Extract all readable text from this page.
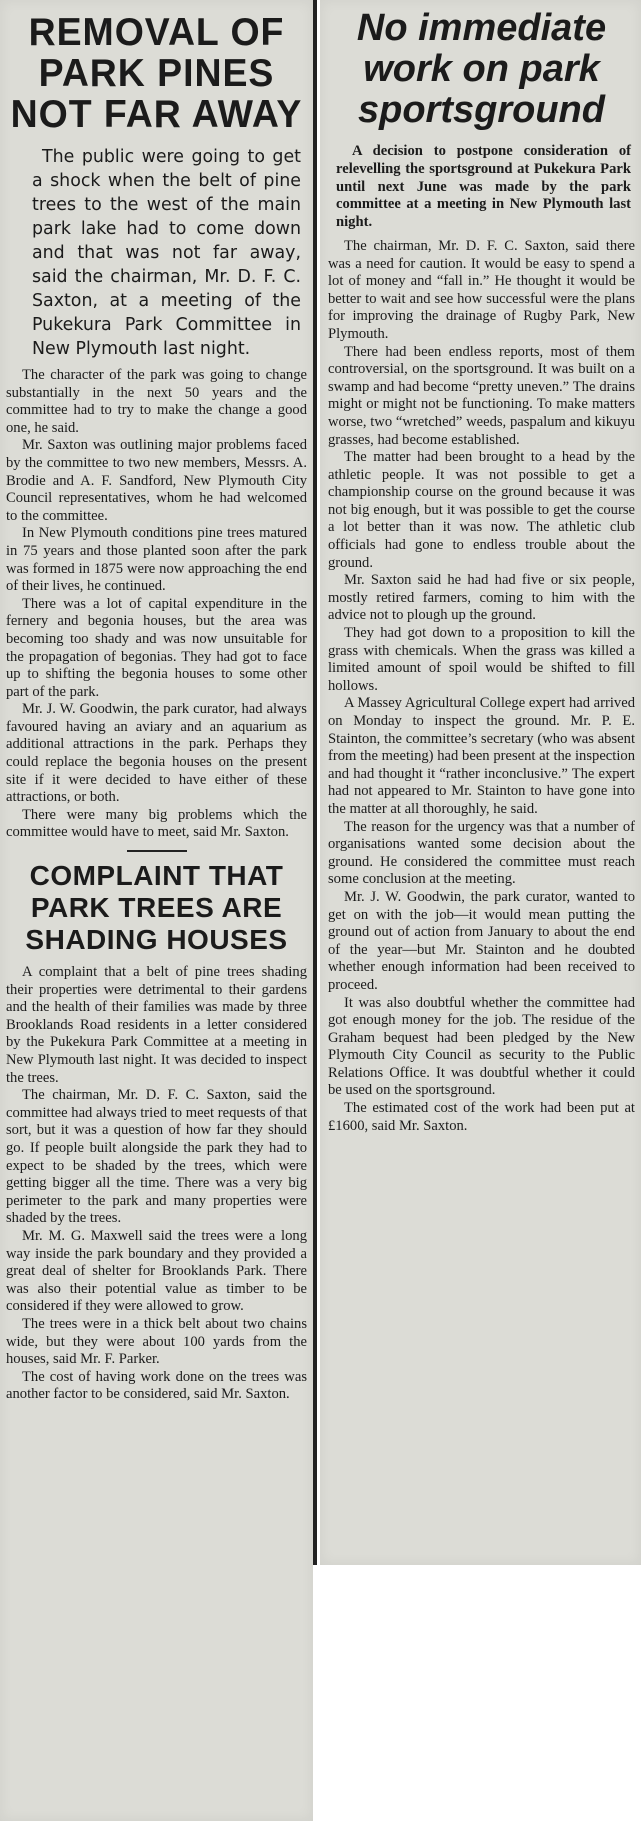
REMOVAL OF
PARK PINES
NOT FAR AWAY

The public were going to get a shock when the belt of pine trees to the west of the main park lake had to come down and that was not far away, said the chairman, Mr. D. F. C. Saxton, at a meeting of the Pukekura Park Committee in New Plymouth last night.

The character of the park was going to change substantially in the next 50 years and the committee had to try to make the change a good one, he said.

Mr. Saxton was outlining major problems faced by the committee to two new members, Messrs. A. Brodie and A. F. Sandford, New Plymouth City Council representatives, whom he had welcomed to the committee.

In New Plymouth conditions pine trees matured in 75 years and those planted soon after the park was formed in 1875 were now approaching the end of their lives, he continued.

There was a lot of capital expenditure in the fernery and begonia houses, but the area was becoming too shady and was now unsuitable for the propagation of begonias. They had got to face up to shifting the begonia houses to some other part of the park.

Mr. J. W. Goodwin, the park curator, had always favoured having an aviary and an aquarium as additional attractions in the park. Perhaps they could replace the begonia houses on the present site if it were decided to have either of these attractions, or both.

There were many big problems which the committee would have to meet, said Mr. Saxton.

COMPLAINT THAT
PARK TREES ARE
SHADING HOUSES

A complaint that a belt of pine trees shading their properties were detrimental to their gardens and the health of their families was made by three Brooklands Road residents in a letter considered by the Pukekura Park Committee at a meeting in New Plymouth last night. It was decided to inspect the trees.

The chairman, Mr. D. F. C. Saxton, said the committee had always tried to meet requests of that sort, but it was a question of how far they should go. If people built alongside the park they had to expect to be shaded by the trees, which were getting bigger all the time. There was a very big perimeter to the park and many properties were shaded by the trees.

Mr. M. G. Maxwell said the trees were a long way inside the park boundary and they provided a great deal of shelter for Brooklands Park. There was also their potential value as timber to be considered if they were allowed to grow.

The trees were in a thick belt about two chains wide, but they were about 100 yards from the houses, said Mr. F. Parker.

The cost of having work done on the trees was another factor to be considered, said Mr. Saxton.

No immediate
work on park
sportsground

A decision to postpone consideration of relevelling the sportsground at Pukekura Park until next June was made by the park committee at a meeting in New Plymouth last night.

The chairman, Mr. D. F. C. Saxton, said there was a need for caution. It would be easy to spend a lot of money and “fall in.” He thought it would be better to wait and see how successful were the plans for improving the drainage of Rugby Park, New Plymouth.

There had been endless reports, most of them controversial, on the sportsground. It was built on a swamp and had become “pretty uneven.” The drains might or might not be functioning. To make matters worse, two “wretched” weeds, paspalum and kikuyu grasses, had become established.

The matter had been brought to a head by the athletic people. It was not possible to get a championship course on the ground because it was not big enough, but it was possible to get the course a lot better than it was now. The athletic club officials had gone to endless trouble about the ground.

Mr. Saxton said he had had five or six people, mostly retired farmers, coming to him with the advice not to plough up the ground.

They had got down to a proposition to kill the grass with chemicals. When the grass was killed a limited amount of spoil would be shifted to fill hollows.

A Massey Agricultural College expert had arrived on Monday to inspect the ground. Mr. P. E. Stainton, the committee’s secretary (who was absent from the meeting) had been present at the inspection and had thought it “rather inconclusive.” The expert had not appeared to Mr. Stainton to have gone into the matter at all thoroughly, he said.

The reason for the urgency was that a number of organisations wanted some decision about the ground. He considered the committee must reach some conclusion at the meeting.

Mr. J. W. Goodwin, the park curator, wanted to get on with the job—it would mean putting the ground out of action from January to about the end of the year—but Mr. Stainton and he doubted whether enough information had been received to proceed.

It was also doubtful whether the committee had got enough money for the job. The residue of the Graham bequest had been pledged by the New Plymouth City Council as security to the Public Relations Office. It was doubtful whether it could be used on the sportsground.

The estimated cost of the work had been put at £1600, said Mr. Saxton.
